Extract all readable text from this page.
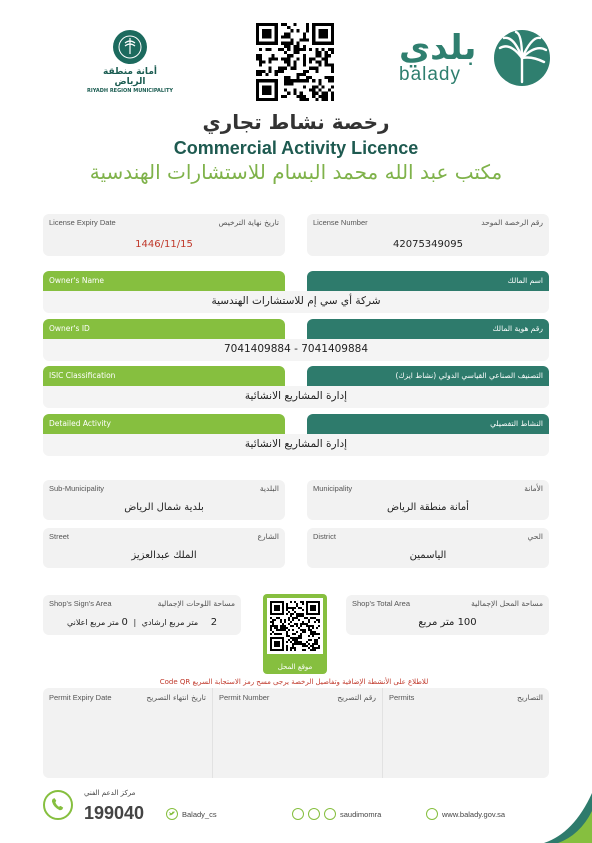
أمانة منطقة الرياض
RIYADH REGION MUNICIPALITY
بلدي
balady
رخصة نشاط تجاري
Commercial Activity Licence
مكتب عبد الله محمد البسام للاستشارات الهندسية
License Expiry Date	تاريخ نهاية الترخيص
1446/11/15
License Number	رقم الرخصة الموحد
42075349095
Owner's Name	اسم المالك
شركة أي سي إم للاستشارات الهندسية
Owner's ID	رقم هوية المالك
7041409884 - 7041409884
ISIC Classification	التصنيف الصناعي القياسي الدولي (نشاط ايزك)
إدارة المشاريع الانشائية
Detailed Activity	النشاط التفصيلي
إدارة المشاريع الانشائية
Sub-Municipality	البلدية
بلدية شمال الرياض
Municipality	الأمانة
أمانة منطقة الرياض
Street	الشارع
الملك عبدالعزيز
District	الحي
الياسمين
Shop's Sign's Area	مساحة اللوحات الإجمالية
2 متر مربع ارشادي | 0 متر مربع اعلاني
موقع المحل
Shop's Total Area	مساحة المحل الإجمالية
100 متر مربع
للاطلاع على الأنشطة الإضافية وتفاصيل الرخصة يرجى مسح رمز الاستجابة السريع Code QR
Permit Expiry Date	تاريخ انتهاء التصريح Permit Number	رقم التصريح Permits	التصاريح
مركز الدعم الفني
199040	Balady_cs	saudimomra	www.balady.gov.sa
